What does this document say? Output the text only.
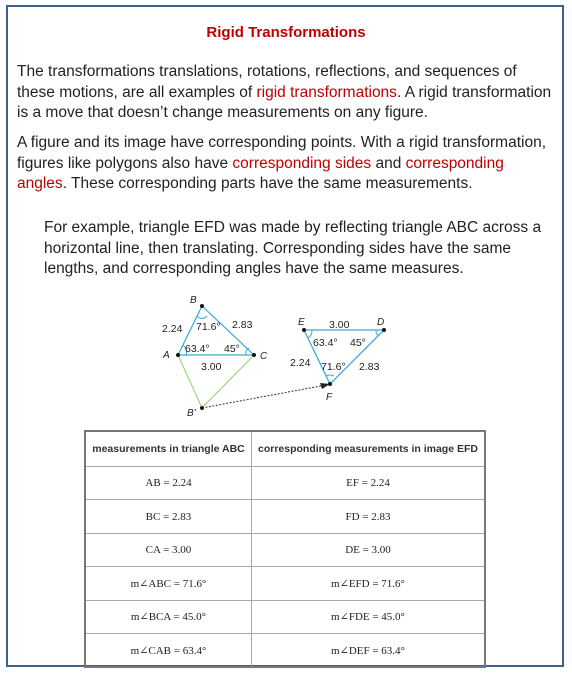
Rigid Transformations

The transformations translations, rotations, reflections, and sequences of these motions, are all examples of rigid transformations. A rigid transformation is a move that doesn’t change measurements on any figure.

A figure and its image have corresponding points. With a rigid transformation, figures like polygons also have corresponding sides and corresponding angles. These corresponding parts have the same measurements.

For example, triangle EFD was made by reflecting triangle ABC across a horizontal line, then translating. Corresponding sides have the same lengths, and corresponding angles have the same measures.

B
A	C
B’
E	D
F
2.24 71.6° 2.83
63.4° 45°
3.00
3.00
63.4° 45°
2.24 71.6° 2.83
measurements in triangle ABC	corresponding measurements in image EFD
AB = 2.24	EF = 2.24
BC = 2.83	FD = 2.83
CA = 3.00	DE = 3.00
m∠ABC = 71.6°	m∠EFD = 71.6°
m∠BCA = 45.0°	m∠FDE = 45.0°
m∠CAB = 63.4°	m∠DEF = 63.4°
